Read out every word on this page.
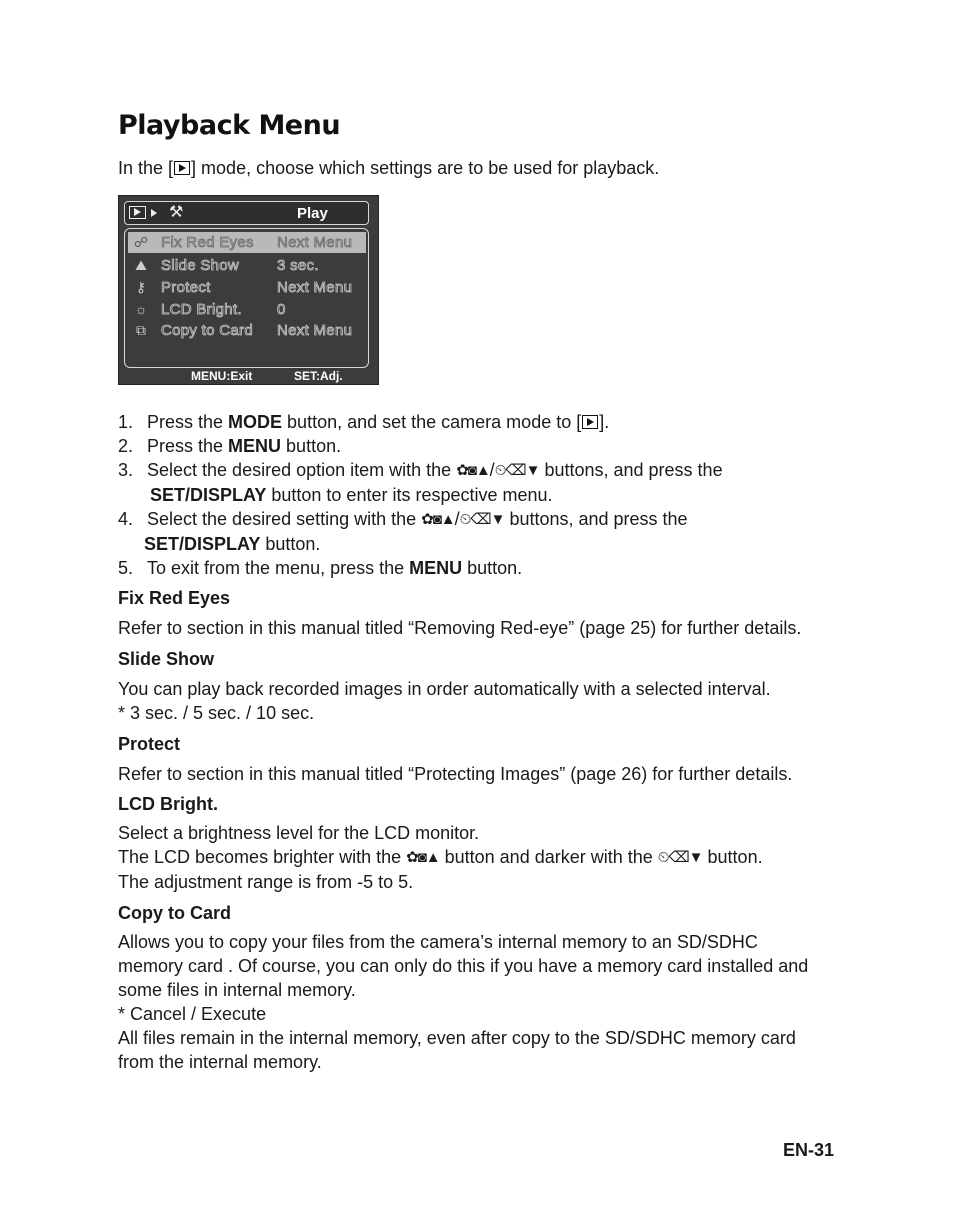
Playback Menu
In the [ ] mode, choose which settings are to be used for playback.
⚒	Play
☍ Fix Red Eyes Next Menu
⛰ Slide Show	3 sec.
⚷ Protect	Next Menu
☼ LCD Bright. 0
⧉	Copy to Card Next Menu
MENU:Exit	SET:Adj.
1. Press the MODE button, and set the camera mode to [ ].
2. Press the MENU button.
3. Select the desired option item with the ✿◙▲/⏲⌫▼ buttons, and press the
SET/DISPLAY button to enter its respective menu.
4. Select the desired setting with the ✿◙▲/⏲⌫▼ buttons, and press the
SET/DISPLAY button.
5. To exit from the menu, press the MENU button.
Fix Red Eyes

Refer to section in this manual titled “Removing Red-eye” (page 25) for further details.

Slide Show

You can play back recorded images in order automatically with a selected interval.

* 3 sec. / 5 sec. / 10 sec.

Protect

Refer to section in this manual titled “Protecting Images” (page 26) for further details.

LCD Bright.

Select a brightness level for the LCD monitor.

The LCD becomes brighter with the ✿◙▲ button and darker with the ⏲⌫▼ button.

The adjustment range is from -5 to 5.

Copy to Card

Allows you to copy your files from the camera’s internal memory to an SD/SDHC memory card . Of course, you can only do this if you have a memory card installed and some files in internal memory.

* Cancel / Execute

All files remain in the internal memory, even after copy to the SD/SDHC memory card from the internal memory.

EN-31
